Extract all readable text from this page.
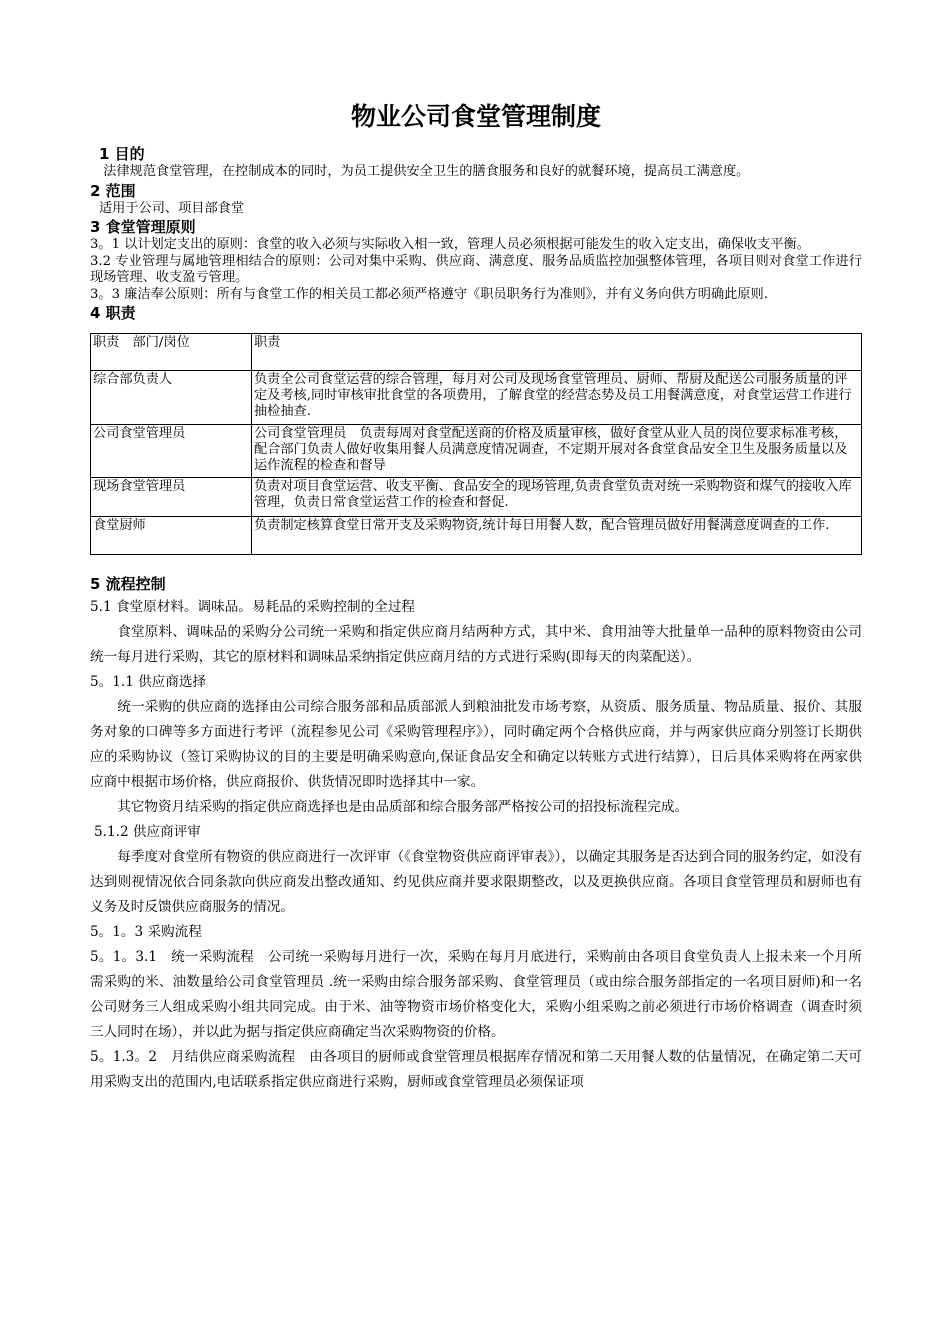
物业公司食堂管理制度
1 目的

法律规范食堂管理，在控制成本的同时，为员工提供安全卫生的膳食服务和良好的就餐环境，提高员工满意度。

2 范围

适用于公司、项目部食堂

3 食堂管理原则

3。1 以计划定支出的原则：食堂的收入必须与实际收入相一致，管理人员必须根据可能发生的收入定支出，确保收支平衡。

3.2 专业管理与属地管理相结合的原则：公司对集中采购、供应商、满意度、服务品质监控加强整体管理，各项目则对食堂工作进行现场管理、收支盈亏管理。

3。3 廉洁奉公原则：所有与食堂工作的相关员工都必须严格遵守《职员职务行为准则》，并有义务向供方明确此原则.

4 职责
职责　部门/岗位	职责
综合部负责人	负责全公司食堂运营的综合管理，每月对公司及现场食堂管理员、厨师、帮厨及配送公司服务质量的评定及考核,同时审核审批食堂的各项费用，了解食堂的经营态势及员工用餐满意度，对食堂运营工作进行抽检抽查.
公司食堂管理员	公司食堂管理员　负责每周对食堂配送商的价格及质量审核，做好食堂从业人员的岗位要求标准考核，配合部门负责人做好收集用餐人员满意度情况调查，不定期开展对各食堂食品安全卫生及服务质量以及运作流程的检查和督导
现场食堂管理员	负责对项目食堂运营、收支平衡、食品安全的现场管理,负责食堂负责对统一采购物资和煤气的接收入库管理，负责日常食堂运营工作的检查和督促.
食堂厨师	负责制定核算食堂日常开支及采购物资,统计每日用餐人数，配合管理员做好用餐满意度调查的工作.
5 流程控制

5.1 食堂原材料。调味品。易耗品的采购控制的全过程

食堂原料、调味品的采购分公司统一采购和指定供应商月结两种方式，其中米、食用油等大批量单一品种的原料物资由公司统一每月进行采购，其它的原材料和调味品采纳指定供应商月结的方式进行采购(即每天的肉菜配送）。

5。1.1 供应商选择

统一采购的供应商的选择由公司综合服务部和品质部派人到粮油批发市场考察，从资质、服务质量、物品质量、报价、其服务对象的口碑等多方面进行考评（流程参见公司《采购管理程序》），同时确定两个合格供应商，并与两家供应商分别签订长期供应的采购协议（签订采购协议的目的主要是明确采购意向,保证食品安全和确定以转账方式进行结算），日后具体采购将在两家供应商中根据市场价格，供应商报价、供货情况即时选择其中一家。

其它物资月结采购的指定供应商选择也是由品质部和综合服务部严格按公司的招投标流程完成。

5.1.2 供应商评审

每季度对食堂所有物资的供应商进行一次评审（《食堂物资供应商评审表》），以确定其服务是否达到合同的服务约定，如没有达到则视情况依合同条款向供应商发出整改通知、约见供应商并要求限期整改，以及更换供应商。各项目食堂管理员和厨师也有义务及时反馈供应商服务的情况。

5。1。3 采购流程

5。1。3.1　统一采购流程　公司统一采购每月进行一次，采购在每月月底进行，采购前由各项目食堂负责人上报未来一个月所需采购的米、油数量给公司食堂管理员 .统一采购由综合服务部采购、食堂管理员（或由综合服务部指定的一名项目厨师)和一名公司财务三人组成采购小组共同完成。由于米、油等物资市场价格变化大，采购小组采购之前必须进行市场价格调查（调查时须三人同时在场），并以此为据与指定供应商确定当次采购物资的价格。

5。1.3。2　月结供应商采购流程　由各项目的厨师或食堂管理员根据库存情况和第二天用餐人数的估量情况，在确定第二天可用采购支出的范围内,电话联系指定供应商进行采购，厨师或食堂管理员必须保证项
